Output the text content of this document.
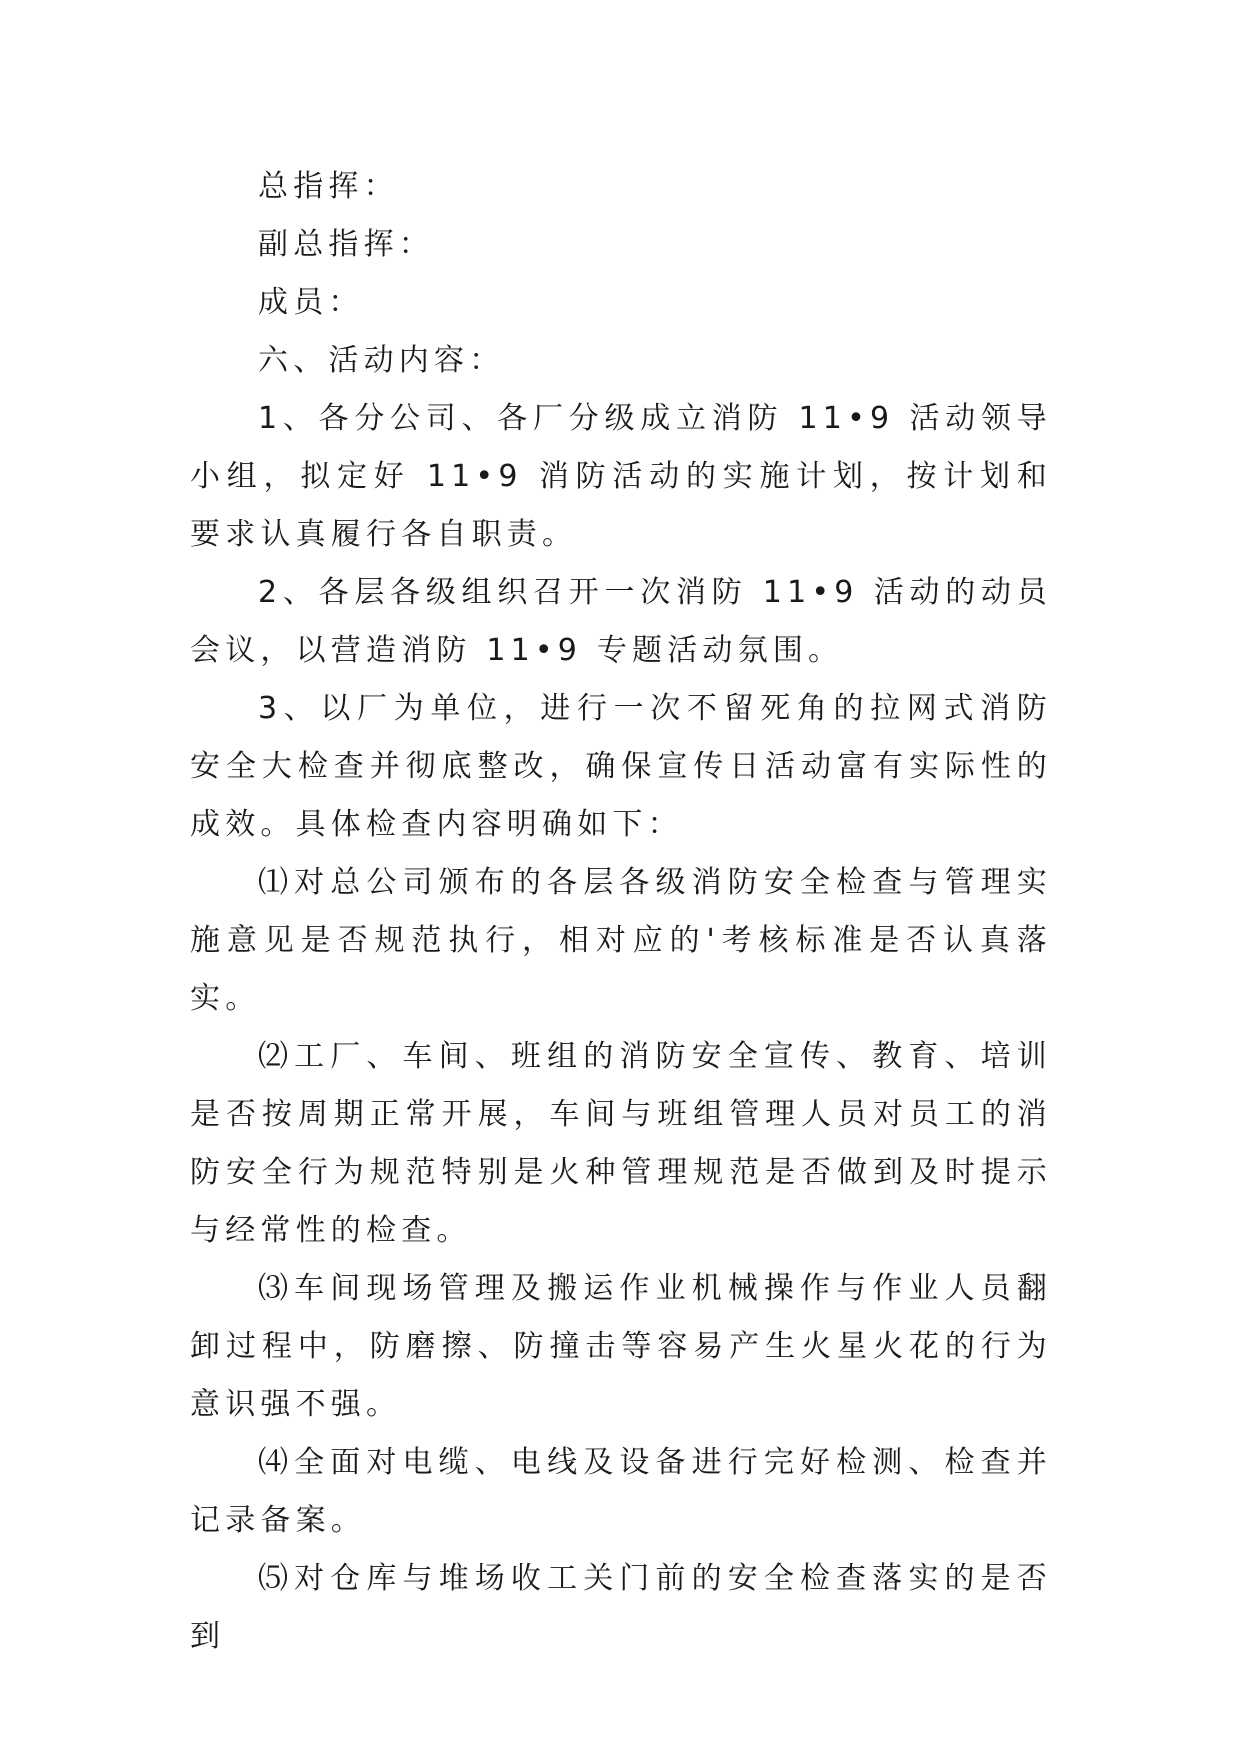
总指挥：

副总指挥：

成员：

六、活动内容：

1、各分公司、各厂分级成立消防 11•9 活动领导小组，拟定好 11•9 消防活动的实施计划，按计划和要求认真履行各自职责。

2、各层各级组织召开一次消防 11•9 活动的动员会议，以营造消防 11•9 专题活动氛围。

3、以厂为单位，进行一次不留死角的拉网式消防安全大检查并彻底整改，确保宣传日活动富有实际性的成效。具体检查内容明确如下：

⑴对总公司颁布的各层各级消防安全检查与管理实施意见是否规范执行，相对应的'考核标准是否认真落实。

⑵工厂、车间、班组的消防安全宣传、教育、培训是否按周期正常开展，车间与班组管理人员对员工的消防安全行为规范特别是火种管理规范是否做到及时提示与经常性的检查。

⑶车间现场管理及搬运作业机械操作与作业人员翻卸过程中，防磨擦、防撞击等容易产生火星火花的行为意识强不强。

⑷全面对电缆、电线及设备进行完好检测、检查并记录备案。

⑸对仓库与堆场收工关门前的安全检查落实的是否到
